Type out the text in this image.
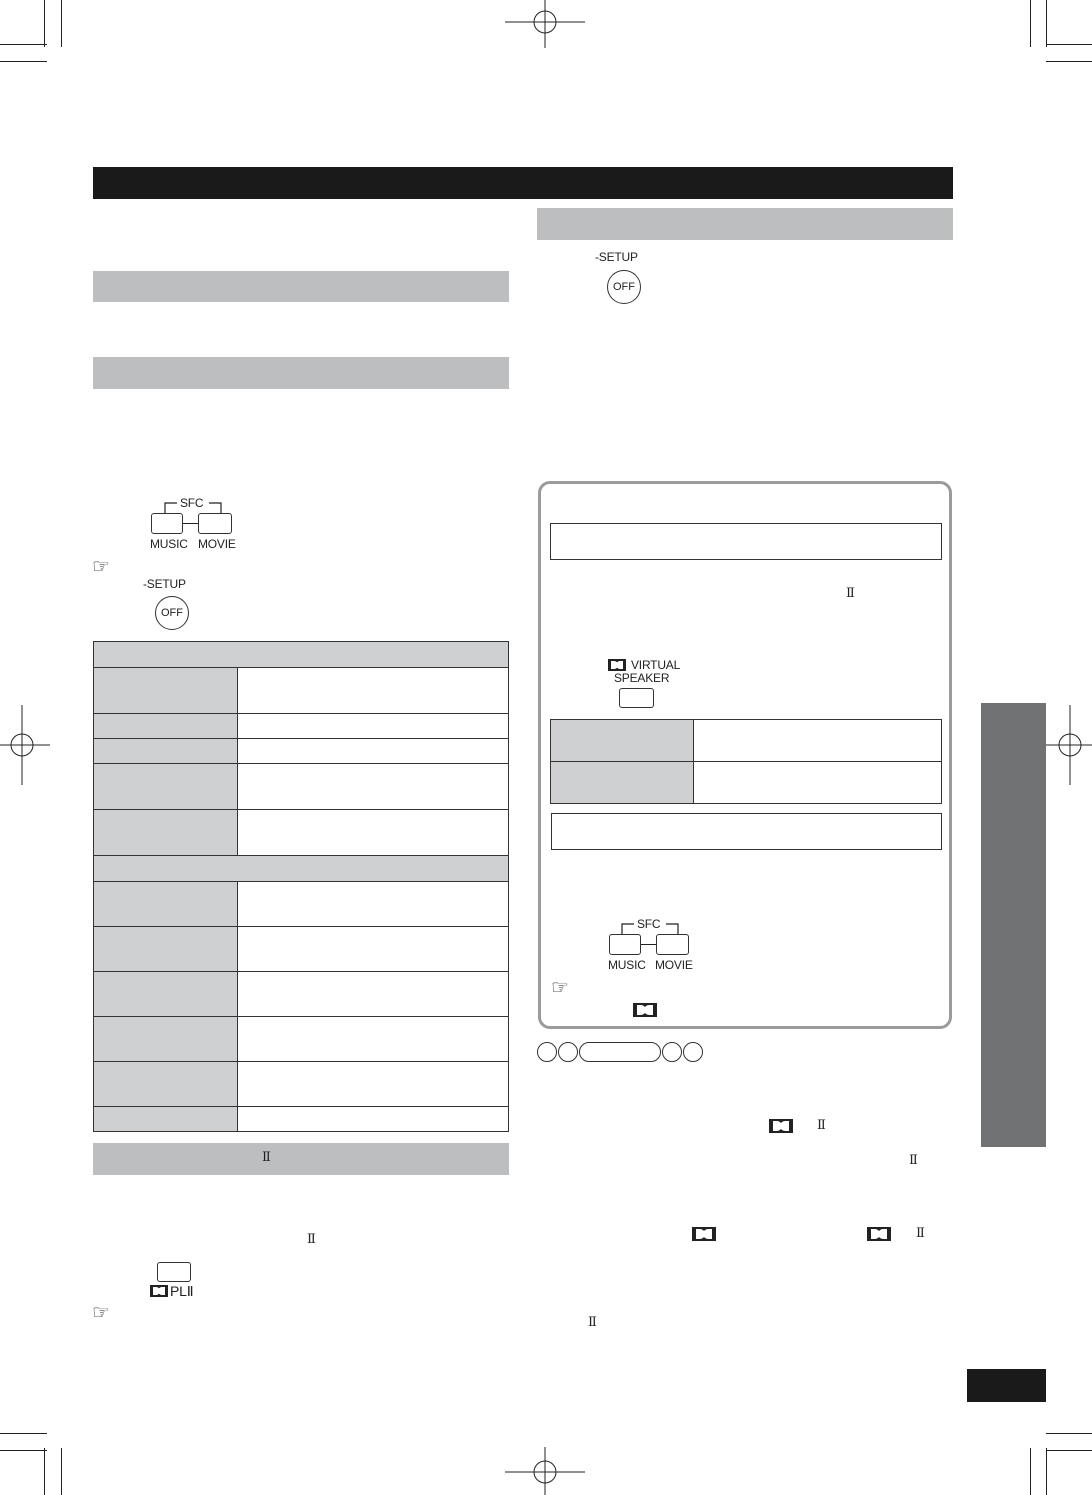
SFC
MUSIC MOVIE
☞
-SETUP
OFF

Ⅱ
Ⅱ
PLⅡ
☞
-SETUP
OFF
Ⅱ
VIRTUAL
SPEAKER

SFC
MUSIC MOVIE
☞
Ⅱ
Ⅱ
Ⅱ
Ⅱ
